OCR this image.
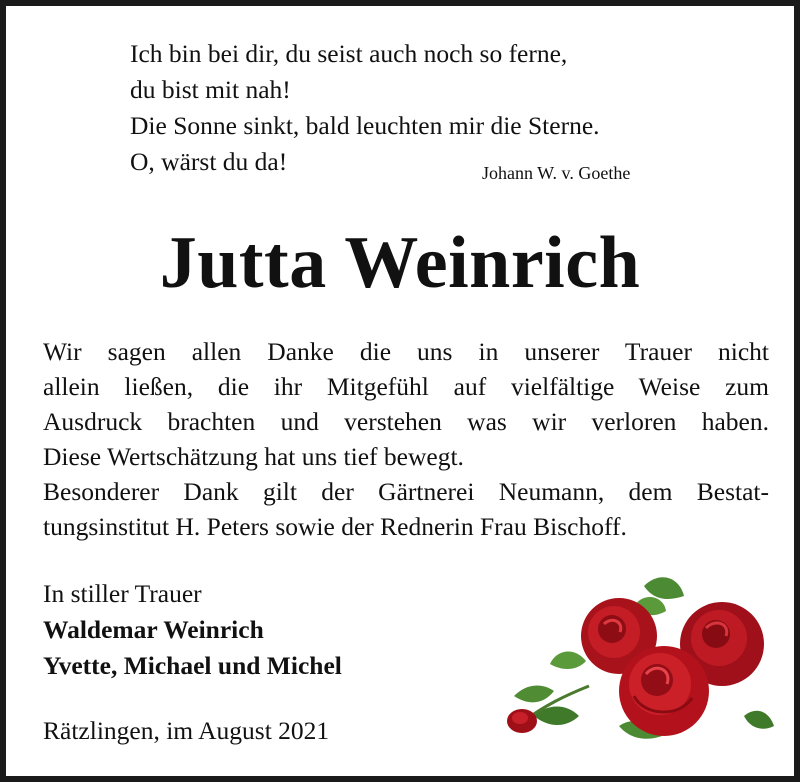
Ich bin bei dir, du seist auch noch so ferne,
du bist mit nah!
Die Sonne sinkt, bald leuchten mir die Sterne.
O, wärst du da!	Johann W. v. Goethe
Jutta Weinrich
Wir sagen allen Danke die uns in unserer Trauer nicht
allein ließen, die ihr Mitgefühl auf vielfältige Weise zum
Ausdruck brachten und verstehen was wir verloren haben.
Diese Wertschätzung hat uns tief bewegt.
Besonderer Dank gilt der Gärtnerei Neumann, dem Bestat-
tungsinstitut H. Peters sowie der Rednerin Frau Bischoff.
In stiller Trauer
Waldemar Weinrich
Yvette, Michael und Michel
Rätzlingen, im August 2021
